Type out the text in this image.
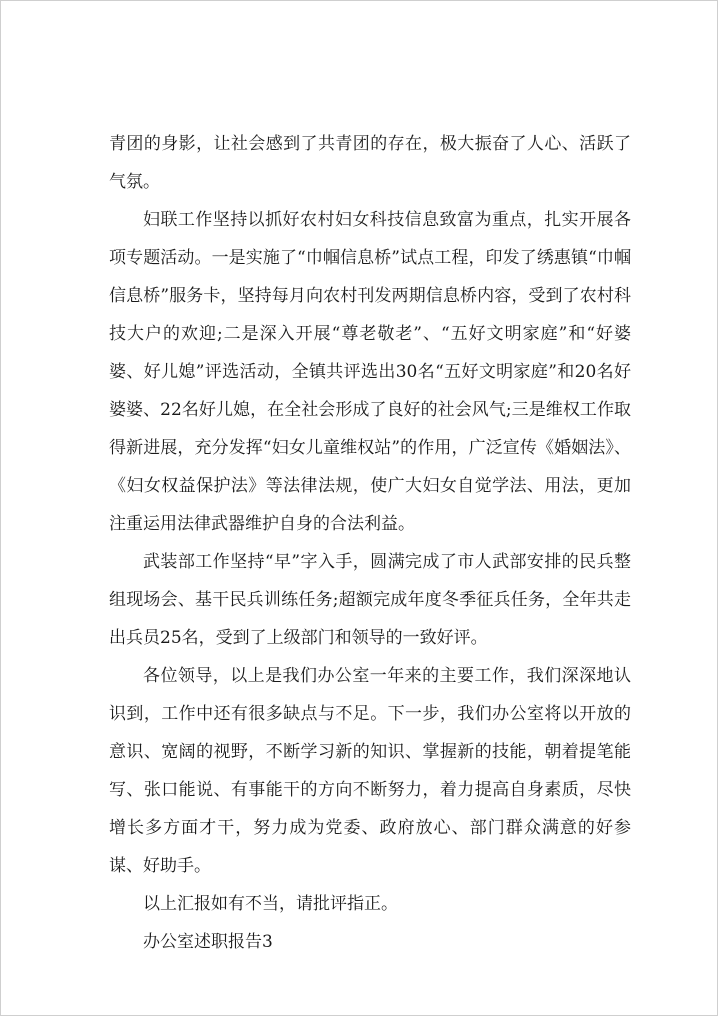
青团的身影，让社会感到了共青团的存在，极大振奋了人心、活跃了气氛。

妇联工作坚持以抓好农村妇女科技信息致富为重点，扎实开展各项专题活动。一是实施了“巾帼信息桥”试点工程，印发了绣惠镇“巾帼信息桥”服务卡，坚持每月向农村刊发两期信息桥内容，受到了农村科技大户的欢迎;二是深入开展“尊老敬老”、“五好文明家庭”和“好婆婆、好儿媳”评选活动，全镇共评选出30名“五好文明家庭”和20名好婆婆、22名好儿媳，在全社会形成了良好的社会风气;三是维权工作取得新进展，充分发挥“妇女儿童维权站”的作用，广泛宣传《婚姻法》、《妇女权益保护法》等法律法规，使广大妇女自觉学法、用法，更加注重运用法律武器维护自身的合法利益。

武装部工作坚持“早”字入手，圆满完成了市人武部安排的民兵整组现场会、基干民兵训练任务;超额完成年度冬季征兵任务，全年共走出兵员25名，受到了上级部门和领导的一致好评。

各位领导，以上是我们办公室一年来的主要工作，我们深深地认识到，工作中还有很多缺点与不足。下一步，我们办公室将以开放的意识、宽阔的视野，不断学习新的知识、掌握新的技能，朝着提笔能写、张口能说、有事能干的方向不断努力，着力提高自身素质，尽快增长多方面才干，努力成为党委、政府放心、部门群众满意的好参谋、好助手。

以上汇报如有不当，请批评指正。

办公室述职报告3
